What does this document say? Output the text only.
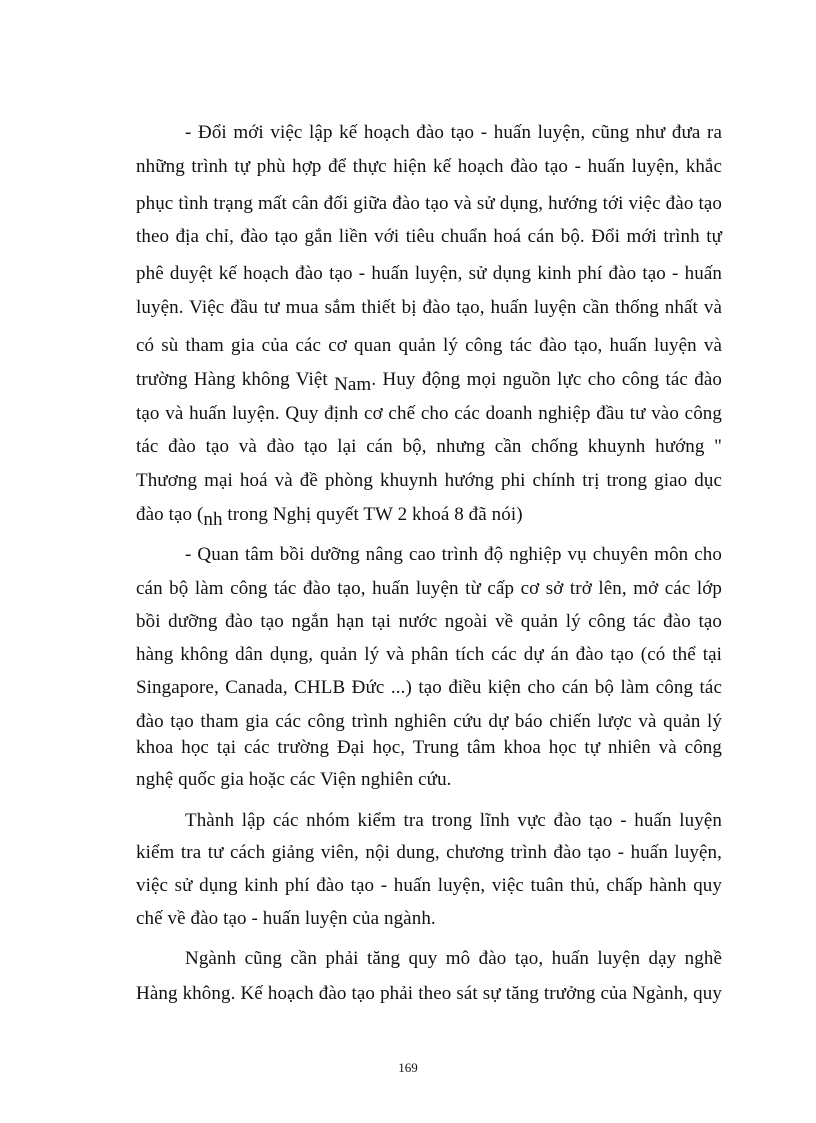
- Đổi mới việc lập kế hoạch đào tạo - huấn luyện, cũng như đưa ra
những trình tự phù hợp để thực hiện kế hoạch đào tạo - huấn luyện, khắc
phục tình trạng mất cân đối giữa đào tạo và sử dụng, hướng tới việc đào tạo
theo địa chỉ, đào tạo gắn liền với tiêu chuẩn hoá cán bộ. Đổi mới trình tự
phê duyệt kế hoạch đào tạo - huấn luyện, sử dụng kinh phí đào tạo - huấn
luyện. Việc đầu tư mua sắm thiết bị đào tạo, huấn luyện cần thống nhất và
có sù tham gia của các cơ quan quản lý công tác đào tạo, huấn luyện và
trường Hàng không Việt Nam. Huy động mọi nguồn lực cho công tác đào
tạo và huấn luyện. Quy định cơ chế cho các doanh nghiệp đầu tư vào công
tác đào tạo và đào tạo lại cán bộ, nhưng cần chống khuynh hướng "
Thương mại hoá và đề phòng khuynh hướng phi chính trị trong giao dục
đào tạo (nh trong Nghị quyết TW 2 khoá 8 đã nói)
- Quan tâm bồi dưỡng nâng cao trình độ nghiệp vụ chuyên môn cho
cán bộ làm công tác đào tạo, huấn luyện từ cấp cơ sở trở lên, mở các lớp
bồi dưỡng đào tạo ngắn hạn tại nước ngoài về quản lý công tác đào tạo
hàng không dân dụng, quản lý và phân tích các dự án đào tạo (có thể tại
Singapore, Canada, CHLB Đức ...) tạo điều kiện cho cán bộ làm công tác
đào tạo tham gia các công trình nghiên cứu dự báo chiến lược và quản lý
khoa học tại các trường Đại học, Trung tâm khoa học tự nhiên và công
nghệ quốc gia hoặc các Viện nghiên cứu.
Thành lập các nhóm kiểm tra trong lĩnh vực đào tạo - huấn luyện
kiểm tra tư cách giảng viên, nội dung, chương trình đào tạo - huấn luyện,
việc sử dụng kinh phí đào tạo - huấn luyện, việc tuân thủ, chấp hành quy
chế về đào tạo - huấn luyện của ngành.
Ngành cũng cần phải tăng quy mô đào tạo, huấn luyện dạy nghề
Hàng không. Kế hoạch đào tạo phải theo sát sự tăng trưởng của Ngành, quy
169
